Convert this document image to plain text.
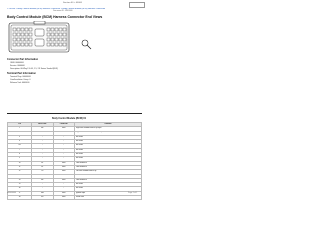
Section 00 > 00000
> Pin-out > Body Control Module (BCM) Harness Connector > Body Control Module (BCM) Harness Connector
Document ID: 0000000
Body Control Module (BCM) Harness Connector End Views
Connector Part Information
OEM: 00000000
Service: 0000000
Description: 00-Way F 0.64, 1.5, 2.8 Series Sealed (BLK)
Terminal Part Information
Terminal/Tray: 00000000
Core/Insulation Crimp: 0
Release Tool: 0000000
Body Control Module (BCM) X1
Pin	Wire Color	Circuit No.	Function
1	BK	0000	Right Rear Window Switch Up Input
2	YE	0000	Right Rear Window Switch Down Input
3	-	-	Not Used
4	-	-	Not Used
5-6	-	-	Not Used
7	-	-	Not Used
8	-	-	Not Used
9	-	-	Not Used
10	GY	0000	Low Reference
11	GY	0000	Low Reference
12	YE	0000	Left Rear Window Switch Up
13	BN	0000	Left Rear Window Switch Down
14	BK	0000	Low Reference
15	-	-	Not Used
16	-	-	Not Used
17	WH	0000	Ignition Input
18	BU	0000	Serial Data
00/00/0000	Page 1 of 1
